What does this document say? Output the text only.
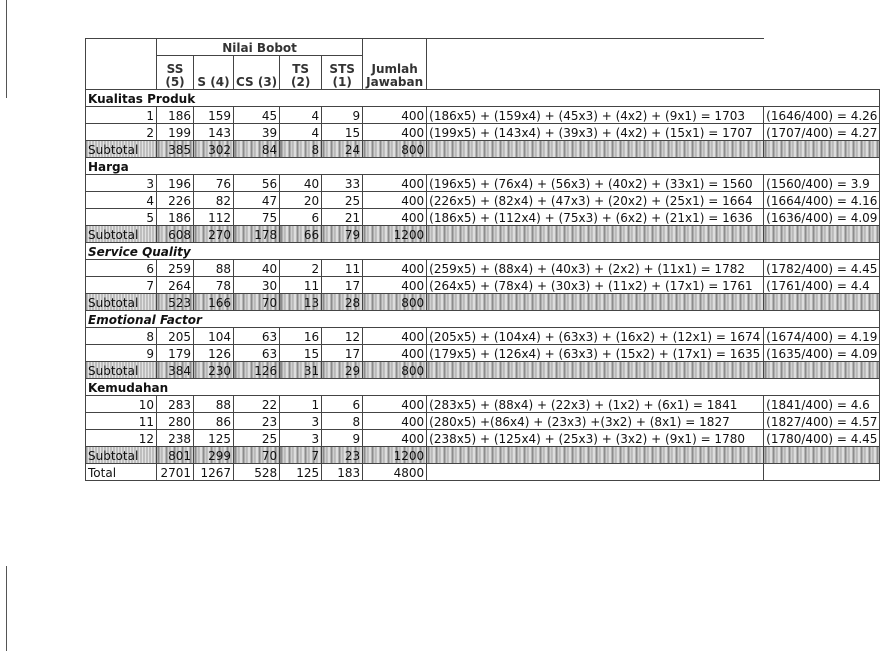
	Nilai Bobot					Jumlah Jawaban		
	SS (5)	S (4)	CS (3)	TS (2)	STS (1)			
Kualitas Produk								
1	186	159	45	4	9	400	(186x5) + (159x4) + (45x3) + (4x2) + (9x1) = 1703	(1646/400) = 4.26
2	199	143	39	4	15	400	(199x5) + (143x4) + (39x3) + (4x2) + (15x1) = 1707	(1707/400) = 4.27
Subtotal	385	302	84	8	24	800		
Harga								
3	196	76	56	40	33	400	(196x5) + (76x4) + (56x3) + (40x2) + (33x1) = 1560	(1560/400) = 3.9
4	226	82	47	20	25	400	(226x5) + (82x4) + (47x3) + (20x2) + (25x1) = 1664	(1664/400) = 4.16
5	186	112	75	6	21	400	(186x5) + (112x4) + (75x3) + (6x2) + (21x1) = 1636	(1636/400) = 4.09
Subtotal	608	270	178	66	79	1200		
Service Quality								
6	259	88	40	2	11	400	(259x5) + (88x4) + (40x3) + (2x2) + (11x1) = 1782	(1782/400) = 4.45
7	264	78	30	11	17	400	(264x5) + (78x4) + (30x3) + (11x2) + (17x1) = 1761	(1761/400) = 4.4
Subtotal	523	166	70	13	28	800		
Emotional Factor								
8	205	104	63	16	12	400	(205x5) + (104x4) + (63x3) + (16x2) + (12x1) = 1674	(1674/400) = 4.19
9	179	126	63	15	17	400	(179x5) + (126x4) + (63x3) + (15x2) + (17x1) = 1635	(1635/400) = 4.09
Subtotal	384	230	126	31	29	800		
Kemudahan								
10	283	88	22	1	6	400	(283x5) + (88x4) + (22x3) + (1x2) + (6x1) = 1841	(1841/400) = 4.6
11	280	86	23	3	8	400	(280x5) +(86x4) + (23x3) +(3x2) + (8x1) = 1827	(1827/400) = 4.57
12	238	125	25	3	9	400	(238x5) + (125x4) + (25x3) + (3x2) + (9x1) = 1780	(1780/400) = 4.45
Subtotal	801	299	70	7	23	1200		
Total	2701	1267	528	125	183	4800		
